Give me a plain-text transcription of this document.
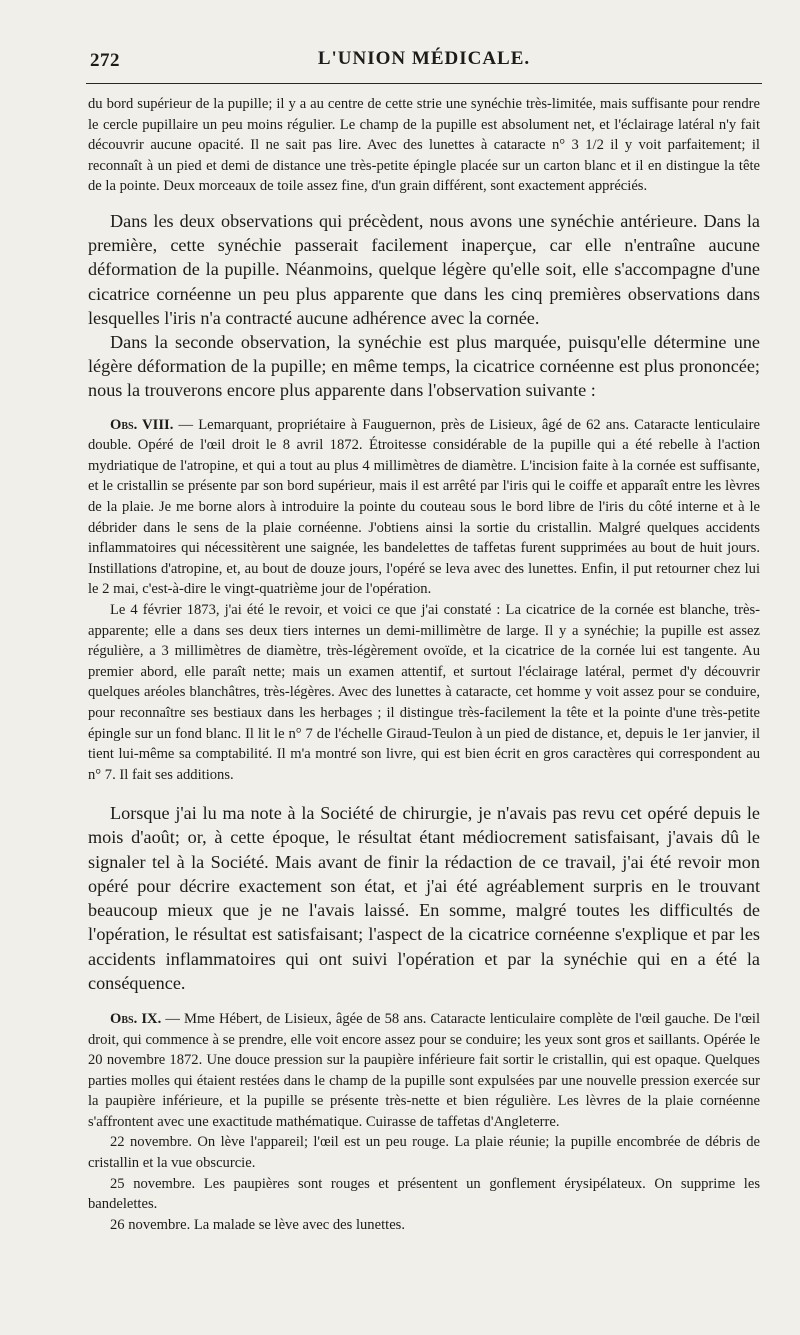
272	L'UNION MÉDICALE.

du bord supérieur de la pupille; il y a au centre de cette strie une synéchie très-limitée, mais suffisante pour rendre le cercle pupillaire un peu moins régulier. Le champ de la pupille est absolument net, et l'éclairage latéral n'y fait découvrir aucune opacité. Il ne sait pas lire. Avec des lunettes à cataracte n° 3 1/2 il y voit parfaitement; il reconnaît à un pied et demi de distance une très-petite épingle placée sur un carton blanc et il en distingue la tête de la pointe. Deux morceaux de toile assez fine, d'un grain différent, sont exactement appréciés.

Dans les deux observations qui précèdent, nous avons une synéchie antérieure. Dans la première, cette synéchie passerait facilement inaperçue, car elle n'entraîne aucune déformation de la pupille. Néanmoins, quelque légère qu'elle soit, elle s'accompagne d'une cicatrice cornéenne un peu plus apparente que dans les cinq premières observations dans lesquelles l'iris n'a contracté aucune adhérence avec la cornée.

Dans la seconde observation, la synéchie est plus marquée, puisqu'elle détermine une légère déformation de la pupille; en même temps, la cicatrice cornéenne est plus prononcée; nous la trouverons encore plus apparente dans l'observation suivante :

Obs. VIII. — Lemarquant, propriétaire à Fauguernon, près de Lisieux, âgé de 62 ans. Cataracte lenticulaire double. Opéré de l'œil droit le 8 avril 1872. Étroitesse considérable de la pupille qui a été rebelle à l'action mydriatique de l'atropine, et qui a tout au plus 4 millimètres de diamètre. L'incision faite à la cornée est suffisante, et le cristallin se présente par son bord supérieur, mais il est arrêté par l'iris qui le coiffe et apparaît entre les lèvres de la plaie. Je me borne alors à introduire la pointe du couteau sous le bord libre de l'iris du côté interne et à le débrider dans le sens de la plaie cornéenne. J'obtiens ainsi la sortie du cristallin. Malgré quelques accidents inflammatoires qui nécessitèrent une saignée, les bandelettes de taffetas furent supprimées au bout de huit jours. Instillations d'atropine, et, au bout de douze jours, l'opéré se leva avec des lunettes. Enfin, il put retourner chez lui le 2 mai, c'est-à-dire le vingt-quatrième jour de l'opération.

Le 4 février 1873, j'ai été le revoir, et voici ce que j'ai constaté : La cicatrice de la cornée est blanche, très-apparente; elle a dans ses deux tiers internes un demi-millimètre de large. Il y a synéchie; la pupille est assez régulière, a 3 millimètres de diamètre, très-légèrement ovoïde, et la cicatrice de la cornée lui est tangente. Au premier abord, elle paraît nette; mais un examen attentif, et surtout l'éclairage latéral, permet d'y découvrir quelques aréoles blanchâtres, très-légères. Avec des lunettes à cataracte, cet homme y voit assez pour se conduire, pour reconnaître ses bestiaux dans les herbages ; il distingue très-facilement la tête et la pointe d'une très-petite épingle sur un fond blanc. Il lit le n° 7 de l'échelle Giraud-Teulon à un pied de distance, et, depuis le 1er janvier, il tient lui-même sa comptabilité. Il m'a montré son livre, qui est bien écrit en gros caractères qui correspondent au n° 7. Il fait ses additions.

Lorsque j'ai lu ma note à la Société de chirurgie, je n'avais pas revu cet opéré depuis le mois d'août; or, à cette époque, le résultat étant médiocrement satisfaisant, j'avais dû le signaler tel à la Société. Mais avant de finir la rédaction de ce travail, j'ai été revoir mon opéré pour décrire exactement son état, et j'ai été agréablement surpris en le trouvant beaucoup mieux que je ne l'avais laissé. En somme, malgré toutes les difficultés de l'opération, le résultat est satisfaisant; l'aspect de la cicatrice cornéenne s'explique et par les accidents inflammatoires qui ont suivi l'opération et par la synéchie qui en a été la conséquence.

Obs. IX. — Mme Hébert, de Lisieux, âgée de 58 ans. Cataracte lenticulaire complète de l'œil gauche. De l'œil droit, qui commence à se prendre, elle voit encore assez pour se conduire; les yeux sont gros et saillants. Opérée le 20 novembre 1872. Une douce pression sur la paupière inférieure fait sortir le cristallin, qui est opaque. Quelques parties molles qui étaient restées dans le champ de la pupille sont expulsées par une nouvelle pression exercée sur la paupière inférieure, et la pupille se présente très-nette et bien régulière. Les lèvres de la plaie cornéenne s'affrontent avec une exactitude mathématique. Cuirasse de taffetas d'Angleterre.

22 novembre. On lève l'appareil; l'œil est un peu rouge. La plaie réunie; la pupille encombrée de débris de cristallin et la vue obscurcie.

25 novembre. Les paupières sont rouges et présentent un gonflement érysipélateux. On supprime les bandelettes.

26 novembre. La malade se lève avec des lunettes.
